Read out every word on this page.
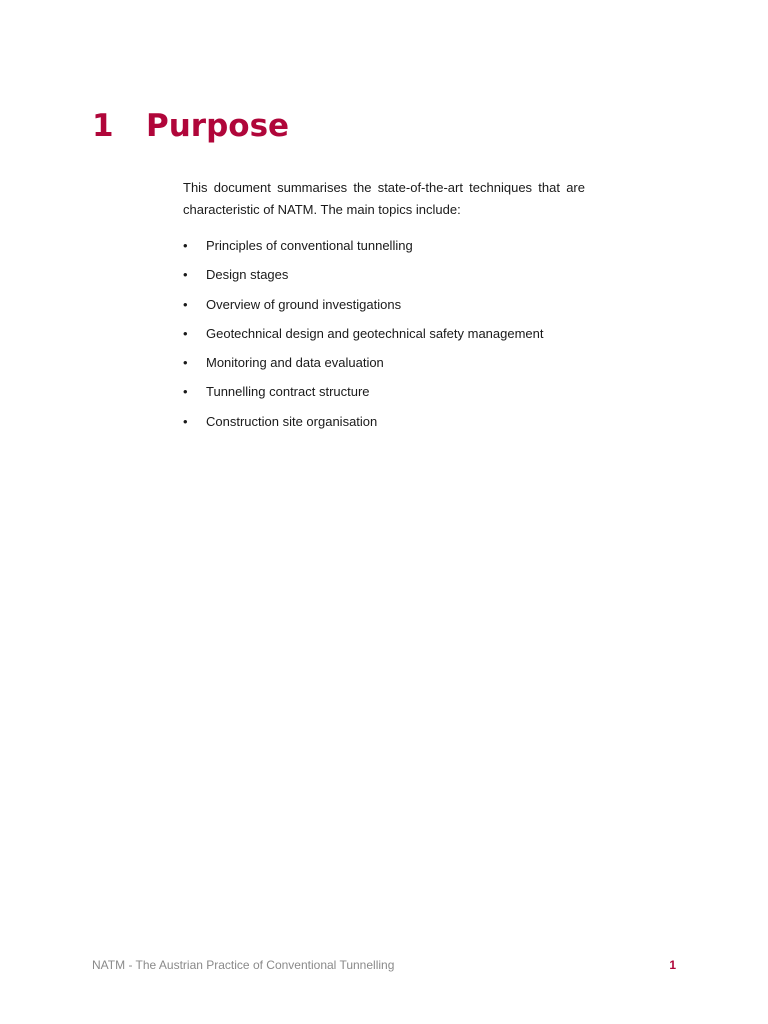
1 Purpose

This document summarises the state-of-the-art techniques that are characteristic of NATM. The main topics include:

•	Principles of conventional tunnelling
•	Design stages
•	Overview of ground investigations
•	Geotechnical design and geotechnical safety management
•	Monitoring and data evaluation
•	Tunnelling contract structure
•	Construction site organisation

NATM - The Austrian Practice of Conventional Tunnelling	1
